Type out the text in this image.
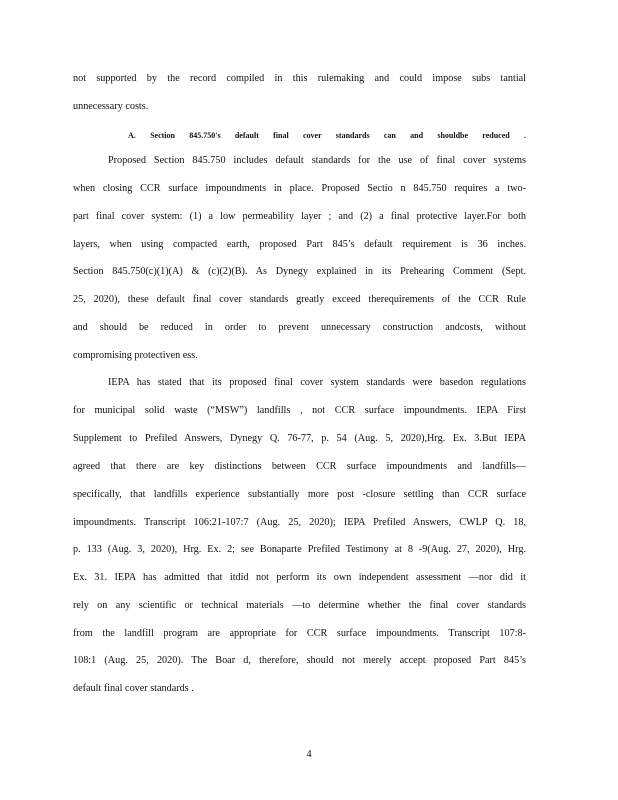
not supported by the record compiled in this rulemaking and could impose subs tantial
unnecessary costs.
A. Section 845.750's default final cover standards can and shouldbe reduced .
Proposed Section 845.750 includes default standards for the use of final cover systems
when closing CCR surface impoundments in place. Proposed Sectio n 845.750 requires a two-
part final cover system: (1) a low permeability layer ; and (2) a final protective layer.For both
layers, when using compacted earth, proposed Part 845’s default requirement is 36 inches.
Section 845.750(c)(1)(A) & (c)(2)(B). As Dynegy explained in its Prehearing Comment (Sept.
25, 2020), these default final cover standards greatly exceed therequirements of the CCR Rule
and should be reduced in order to prevent unnecessary construction andcosts, without
compromising protectiven ess.
IEPA has stated that its proposed final cover system standards were basedon regulations
for municipal solid waste (“MSW”) landfills , not CCR surface impoundments. IEPA First
Supplement to Prefiled Answers, Dynegy Q. 76-77, p. 54 (Aug. 5, 2020),Hrg. Ex. 3.But IEPA
agreed that there are key distinctions between CCR surface impoundments and landfills—
specifically, that landfills experience substantially more post -closure settling than CCR surface
impoundments. Transcript 106:21-107:7 (Aug. 25, 2020); IEPA Prefiled Answers, CWLP Q. 18,
p. 133 (Aug. 3, 2020), Hrg. Ex. 2; see Bonaparte Prefiled Testimony at 8 -9(Aug. 27, 2020), Hrg.
Ex. 31. IEPA has admitted that itdid not perform its own independent assessment —nor did it
rely on any scientific or technical materials —to determine whether the final cover standards
from the landfill program are appropriate for CCR surface impoundments. Transcript 107:8-
108:1 (Aug. 25, 2020). The Boar d, therefore, should not merely accept proposed Part 845’s
default final cover standards .
4
